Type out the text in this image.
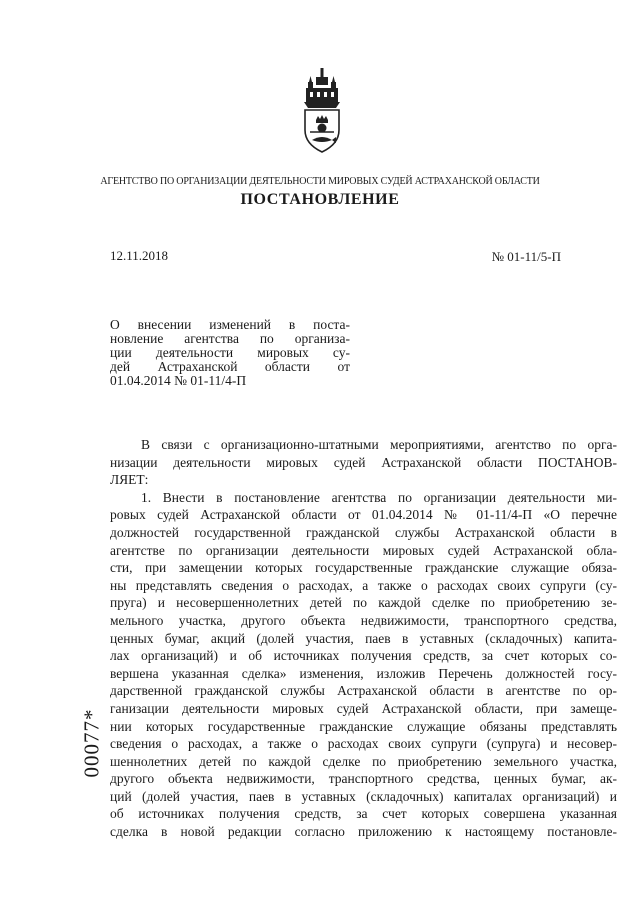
АГЕНТСТВО ПО ОРГАНИЗАЦИИ ДЕЯТЕЛЬНОСТИ МИРОВЫХ СУДЕЙ АСТРАХАНСКОЙ ОБЛАСТИ
ПОСТАНОВЛЕНИЕ
12.11.2018	№ 01-11/5-П
О внесении изменений в поста-
новление агентства по организа-
ции деятельности мировых су-
дей Астраханской области от
01.04.2014 № 01-11/4-П
В связи с организационно-штатными мероприятиями, агентство по орга-
низации деятельности мировых судей Астраханской области ПОСТАНОВ-
ЛЯЕТ:
1. Внести в постановление агентства по организации деятельности ми-
ровых судей Астраханской области от 01.04.2014 № 01-11/4-П «О перечне
должностей государственной гражданской службы Астраханской области в
агентстве по организации деятельности мировых судей Астраханской обла-
сти, при замещении которых государственные гражданские служащие обяза-
ны представлять сведения о расходах, а также о расходах своих супруги (су-
пруга) и несовершеннолетних детей по каждой сделке по приобретению зе-
мельного участка, другого объекта недвижимости, транспортного средства,
ценных бумаг, акций (долей участия, паев в уставных (складочных) капита-
лах организаций) и об источниках получения средств, за счет которых со-
вершена указанная сделка» изменения, изложив Перечень должностей госу-
дарственной гражданской службы Астраханской области в агентстве по ор-
ганизации деятельности мировых судей Астраханской области, при замеще-
нии которых государственные гражданские служащие обязаны представлять
сведения о расходах, а также о расходах своих супруги (супруга) и несовер-
шеннолетних детей по каждой сделке по приобретению земельного участка,
другого объекта недвижимости, транспортного средства, ценных бумаг, ак-
ций (долей участия, паев в уставных (складочных) капиталах организаций) и
об источниках получения средств, за счет которых совершена указанная
сделка в новой редакции согласно приложению к настоящему постановле-
00077*
